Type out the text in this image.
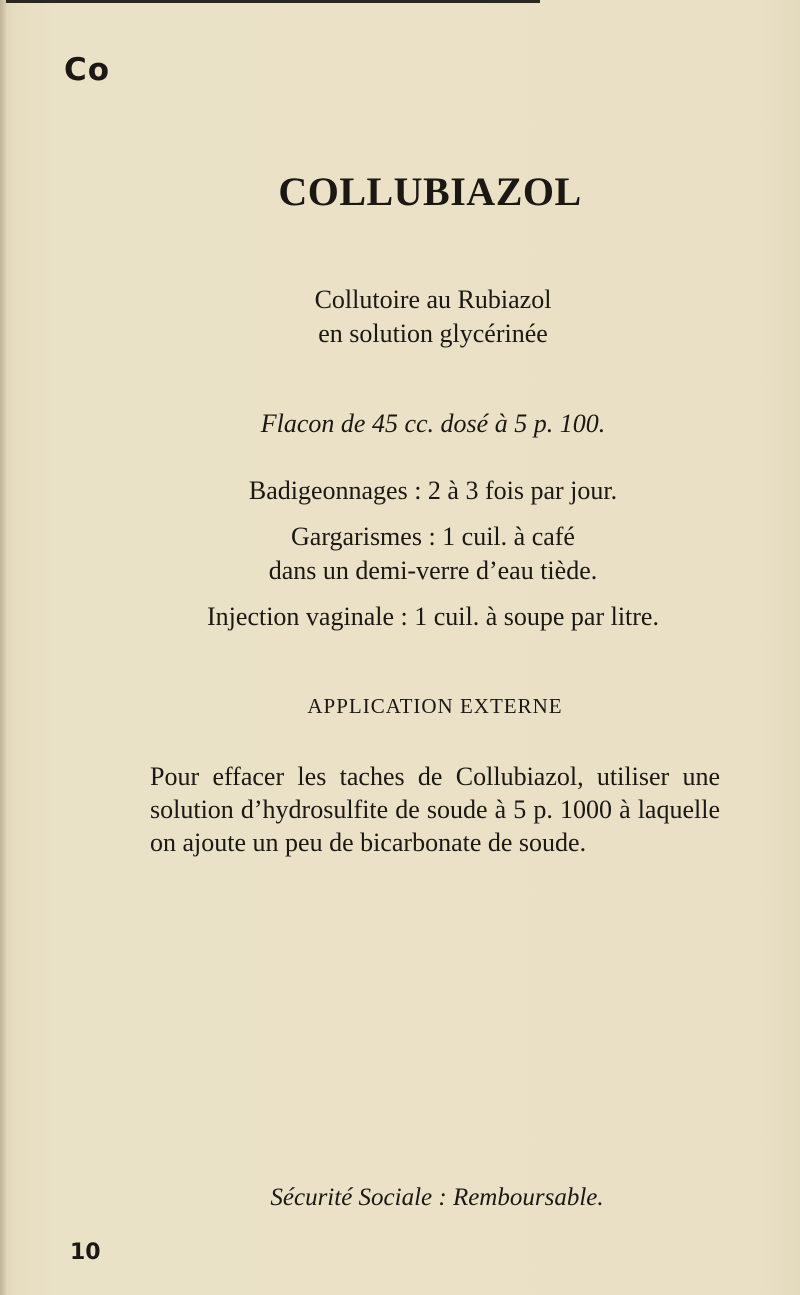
Co
COLLUBIAZOL
Collutoire au Rubiazol
en solution glycérinée
Flacon de 45 cc. dosé à 5 p. 100.
Badigeonnages : 2 à 3 fois par jour.
Gargarismes : 1 cuil. à café
dans un demi-verre d’eau tiède.
Injection vaginale : 1 cuil. à soupe par litre.
APPLICATION EXTERNE
Pour effacer les taches de Collubiazol, utiliser une solution d’hydrosulfite de soude à 5 p. 1000 à laquelle on ajoute un peu de bicarbonate de soude.
Sécurité Sociale : Remboursable.
10
